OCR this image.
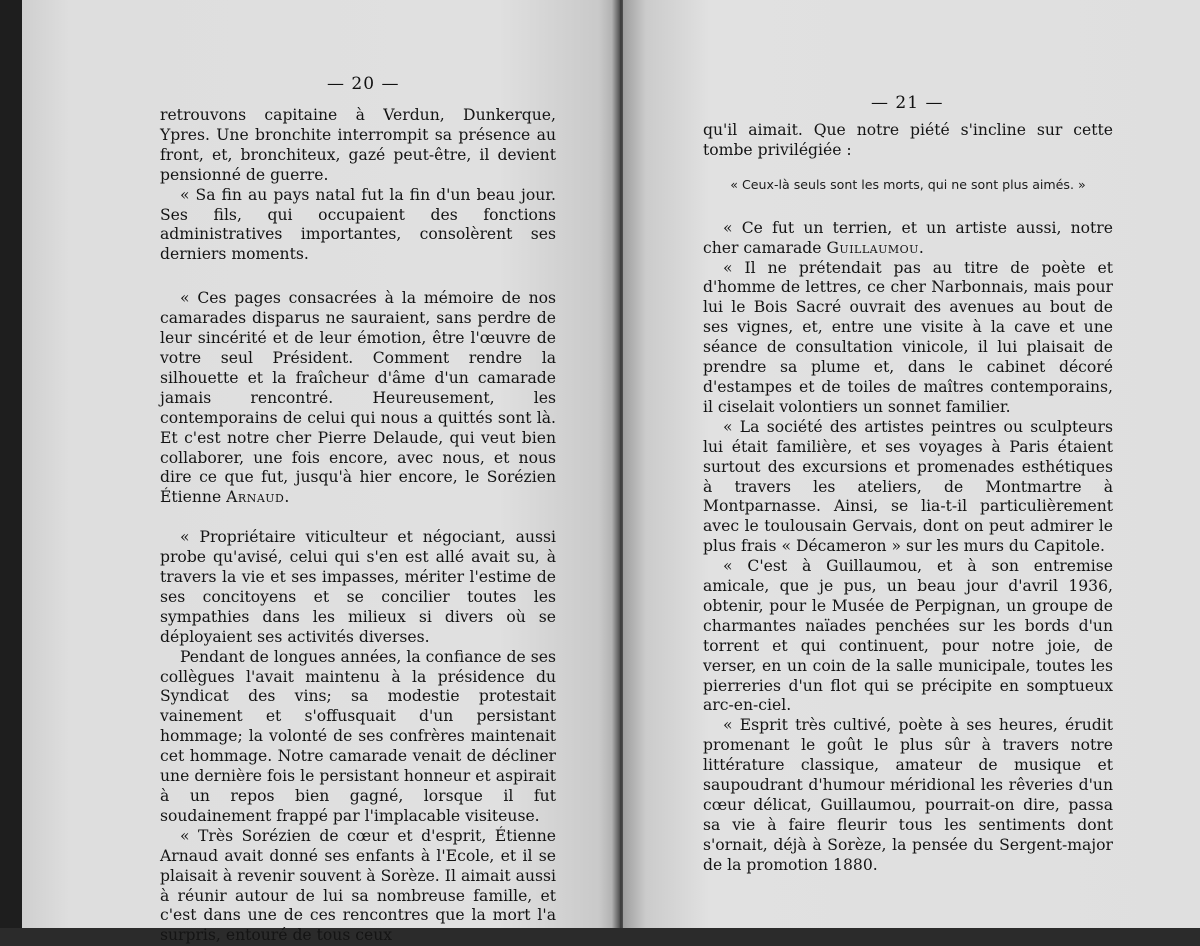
— 20 —

retrouvons capitaine à Verdun, Dunkerque, Ypres. Une bronchite interrompit sa présence au front, et, bronchiteux, gazé peut-être, il devient pensionné de guerre.

« Sa fin au pays natal fut la fin d'un beau jour. Ses fils, qui occupaient des fonctions administratives importantes, consolèrent ses derniers moments.

« Ces pages consacrées à la mémoire de nos camarades disparus ne sauraient, sans perdre de leur sincérité et de leur émotion, être l'œuvre de votre seul Président. Comment rendre la silhouette et la fraîcheur d'âme d'un camarade jamais rencontré. Heureusement, les contemporains de celui qui nous a quittés sont là. Et c'est notre cher Pierre Delaude, qui veut bien collaborer, une fois encore, avec nous, et nous dire ce que fut, jusqu'à hier encore, le Sorézien Étienne Arnaud.

« Propriétaire viticulteur et négociant, aussi probe qu'avisé, celui qui s'en est allé avait su, à travers la vie et ses impasses, mériter l'estime de ses concitoyens et se concilier toutes les sympathies dans les milieux si divers où se déployaient ses activités diverses.

Pendant de longues années, la confiance de ses collègues l'avait maintenu à la présidence du Syndicat des vins; sa modestie protestait vainement et s'offusquait d'un persistant hommage; la volonté de ses confrères maintenait cet hommage. Notre camarade venait de décliner une dernière fois le persistant honneur et aspirait à un repos bien gagné, lorsque il fut soudainement frappé par l'implacable visiteuse.

« Très Sorézien de cœur et d'esprit, Étienne Arnaud avait donné ses enfants à l'Ecole, et il se plaisait à revenir souvent à Sorèze. Il aimait aussi à réunir autour de lui sa nombreuse famille, et c'est dans une de ces rencontres que la mort l'a surpris, entouré de tous ceux

— 21 —

qu'il aimait. Que notre piété s'incline sur cette tombe privilégiée :

« Ceux-là seuls sont les morts, qui ne sont plus aimés. »

« Ce fut un terrien, et un artiste aussi, notre cher camarade Guillaumou.

« Il ne prétendait pas au titre de poète et d'homme de lettres, ce cher Narbonnais, mais pour lui le Bois Sacré ouvrait des avenues au bout de ses vignes, et, entre une visite à la cave et une séance de consultation vinicole, il lui plaisait de prendre sa plume et, dans le cabinet décoré d'estampes et de toiles de maîtres contemporains, il ciselait volontiers un sonnet familier.

« La société des artistes peintres ou sculpteurs lui était familière, et ses voyages à Paris étaient surtout des excursions et promenades esthétiques à travers les ateliers, de Montmartre à Montparnasse. Ainsi, se lia-t-il particulièrement avec le toulousain Gervais, dont on peut admirer le plus frais « Décameron » sur les murs du Capitole.

« C'est à Guillaumou, et à son entremise amicale, que je pus, un beau jour d'avril 1936, obtenir, pour le Musée de Perpignan, un groupe de charmantes naïades penchées sur les bords d'un torrent et qui continuent, pour notre joie, de verser, en un coin de la salle municipale, toutes les pierreries d'un flot qui se précipite en somptueux arc-en-ciel.

« Esprit très cultivé, poète à ses heures, érudit promenant le goût le plus sûr à travers notre littérature classique, amateur de musique et saupoudrant d'humour méridional les rêveries d'un cœur délicat, Guillaumou, pourrait-on dire, passa sa vie à faire fleurir tous les sentiments dont s'ornait, déjà à Sorèze, la pensée du Sergent-major de la promotion 1880.
